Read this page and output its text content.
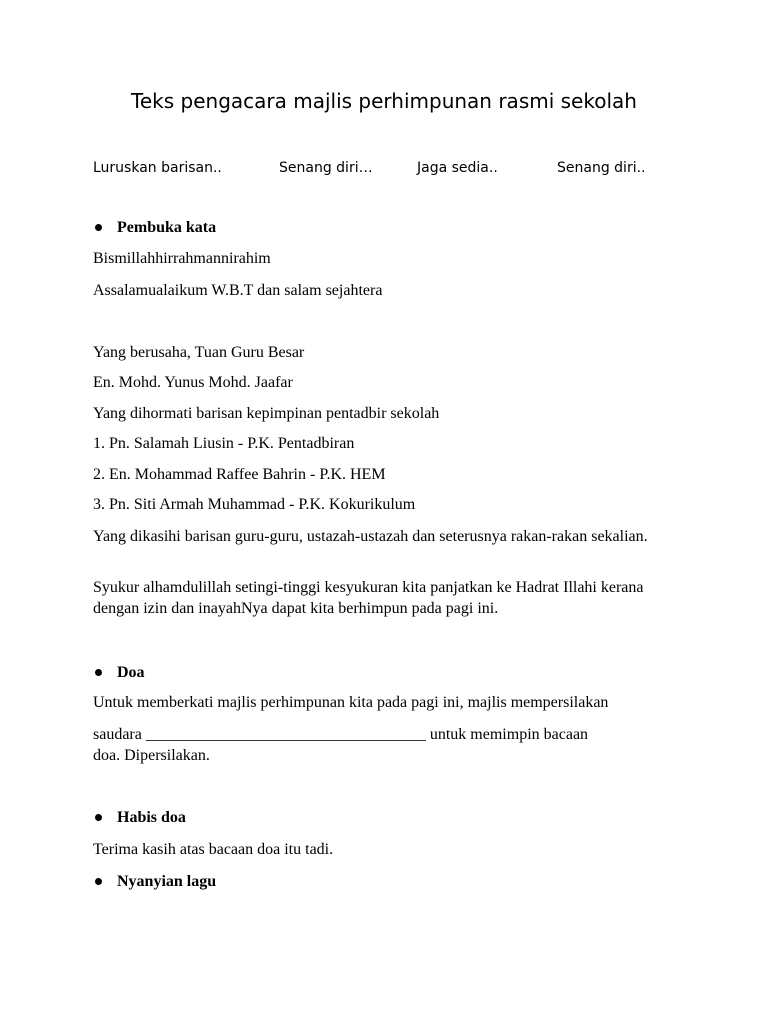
Teks pengacara majlis perhimpunan rasmi sekolah
Luruskan barisan..	Senang diri…	Jaga sedia..	Senang diri..
Pembuka kata
Bismillahhirrahmannirahim
Assalamualaikum W.B.T dan salam sejahtera
Yang berusaha, Tuan Guru Besar
En. Mohd. Yunus Mohd. Jaafar
Yang dihormati barisan kepimpinan pentadbir sekolah
1. Pn. Salamah Liusin - P.K. Pentadbiran
2. En. Mohammad Raffee Bahrin - P.K. HEM
3. Pn. Siti Armah Muhammad - P.K. Kokurikulum
Yang dikasihi barisan guru-guru, ustazah-ustazah dan seterusnya rakan-rakan sekalian.
Syukur alhamdulillah setingi-tinggi kesyukuran kita panjatkan ke Hadrat Illahi kerana dengan izin dan inayahNya dapat kita berhimpun pada pagi ini.
Doa
Untuk memberkati majlis perhimpunan kita pada pagi ini, majlis mempersilakan
saudara ___________________________________ untuk memimpin bacaan
doa. Dipersilakan.
Habis doa
Terima kasih atas bacaan doa itu tadi.
Nyanyian lagu
